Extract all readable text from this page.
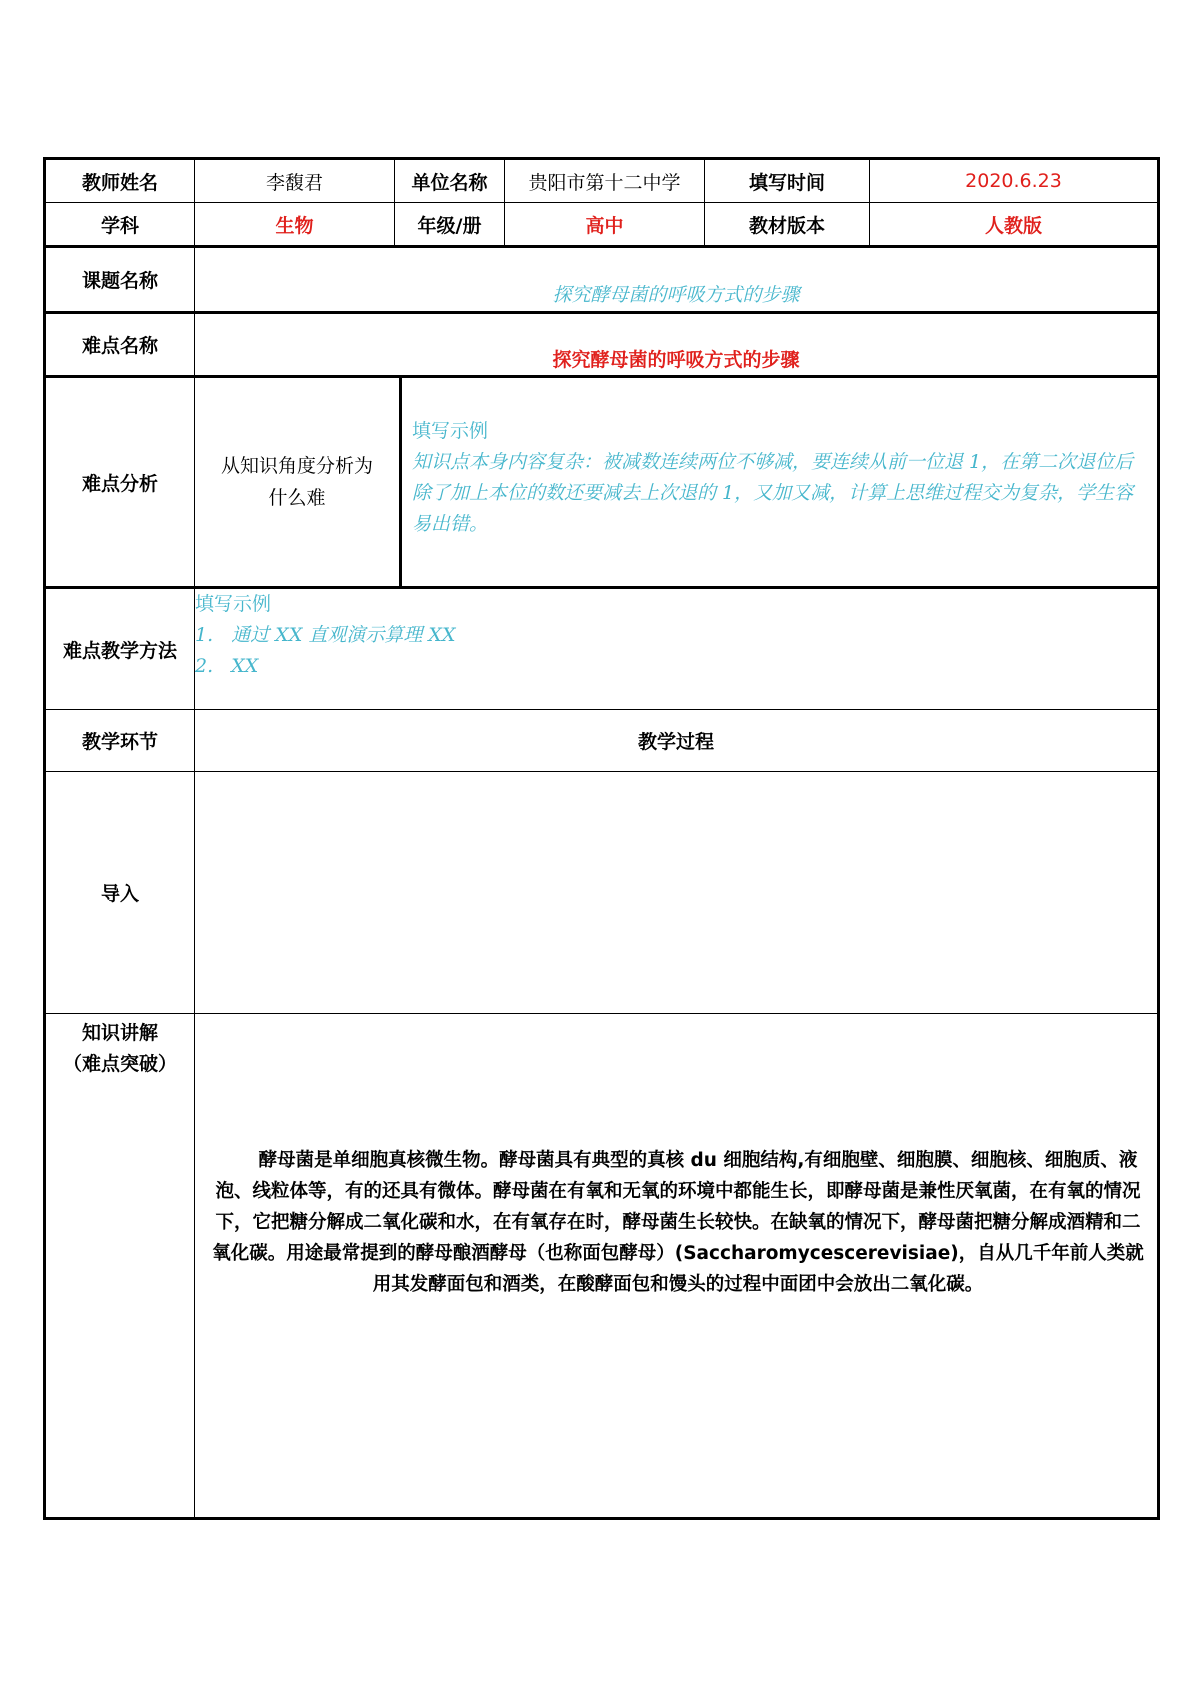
教师姓名	李馥君	单位名称	贵阳市第十二中学	填写时间	2020.6.23
学科	生物	年级/册	高中	教材版本	人教版
课题名称	探究酵母菌的呼吸方式的步骤				
难点名称	探究酵母菌的呼吸方式的步骤				
难点分析	从知识角度分析为什么难
填写示例
知识点本身内容复杂：被减数连续两位不够减，要连续从前一位退 1，在第二次退位后除了加上本位的数还要减去上次退的 1，又加又减，计算上思维过程交为复杂，学生容易出错。				

难点教学方法	填写示例
1.   通过 XX 直观演示算理 XX
2.   XX				

教学环节	教学过程				
导入					

知识讲解
（难点突破）	酵母菌是单细胞真核微生物。酵母菌具有典型的真核 du 细胞结构,有细胞壁、细胞膜、细胞核、细胞质、液泡、线粒体等，有的还具有微体。酵母菌在有氧和无氧的环境中都能生长，即酵母菌是兼性厌氧菌，在有氧的情况下，它把糖分解成二氧化碳和水，在有氧存在时，酵母菌生长较快。在缺氧的情况下，酵母菌把糖分解成酒精和二氧化碳。用途最常提到的酵母酿酒酵母（也称面包酵母）(Saccharomycescerevisiae)，自从几千年前人类就用其发酵面包和酒类，在酸酵面包和馒头的过程中面团中会放出二氧化碳。				
